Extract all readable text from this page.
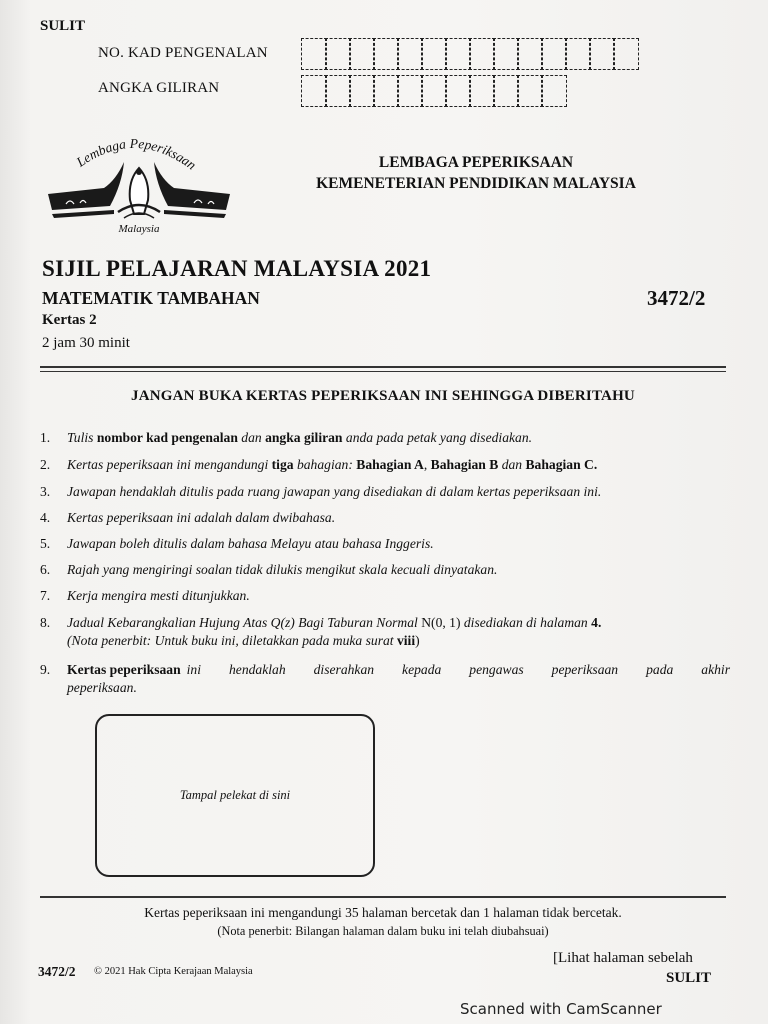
SULIT
NO. KAD PENGENALAN
ANGKA GILIRAN
Lembaga Peperiksaan
Malaysia
LEMBAGA PEPERIKSAAN
KEMENETERIAN PENDIDIKAN MALAYSIA
SIJIL PELAJARAN MALAYSIA 2021
MATEMATIK TAMBAHAN	3472/2
Kertas 2
2 jam 30 minit
JANGAN BUKA KERTAS PEPERIKSAAN INI SEHINGGA DIBERITAHU
1.	Tulis nombor kad pengenalan dan angka giliran anda pada petak yang disediakan.
2.	Kertas peperiksaan ini mengandungi tiga bahagian: Bahagian A, Bahagian B dan Bahagian C.
3.	Jawapan hendaklah ditulis pada ruang jawapan yang disediakan di dalam kertas peperiksaan ini.
4.	Kertas peperiksaan ini adalah dalam dwibahasa.
5.	Jawapan boleh ditulis dalam bahasa Melayu atau bahasa Inggeris.
6.	Rajah yang mengiringi soalan tidak dilukis mengikut skala kecuali dinyatakan.
7.	Kerja mengira mesti ditunjukkan.
8.	Jadual Kebarangkalian Hujung Atas Q(z) Bagi Taburan Normal N(0, 1) disediakan di halaman 4.
(Nota penerbit: Untuk buku ini, diletakkan pada muka surat viii)
9.	Kertas peperiksaan ini hendaklah diserahkan kepada pengawas peperiksaan pada akhir
peperiksaan.
Tampal pelekat di sini
Kertas peperiksaan ini mengandungi 35 halaman bercetak dan 1 halaman tidak bercetak.
(Nota penerbit: Bilangan halaman dalam buku ini telah diubahsuai)
3472/2 © 2021 Hak Cipta Kerajaan Malaysia
[Lihat halaman sebelah
SULIT
Scanned with CamScanner
